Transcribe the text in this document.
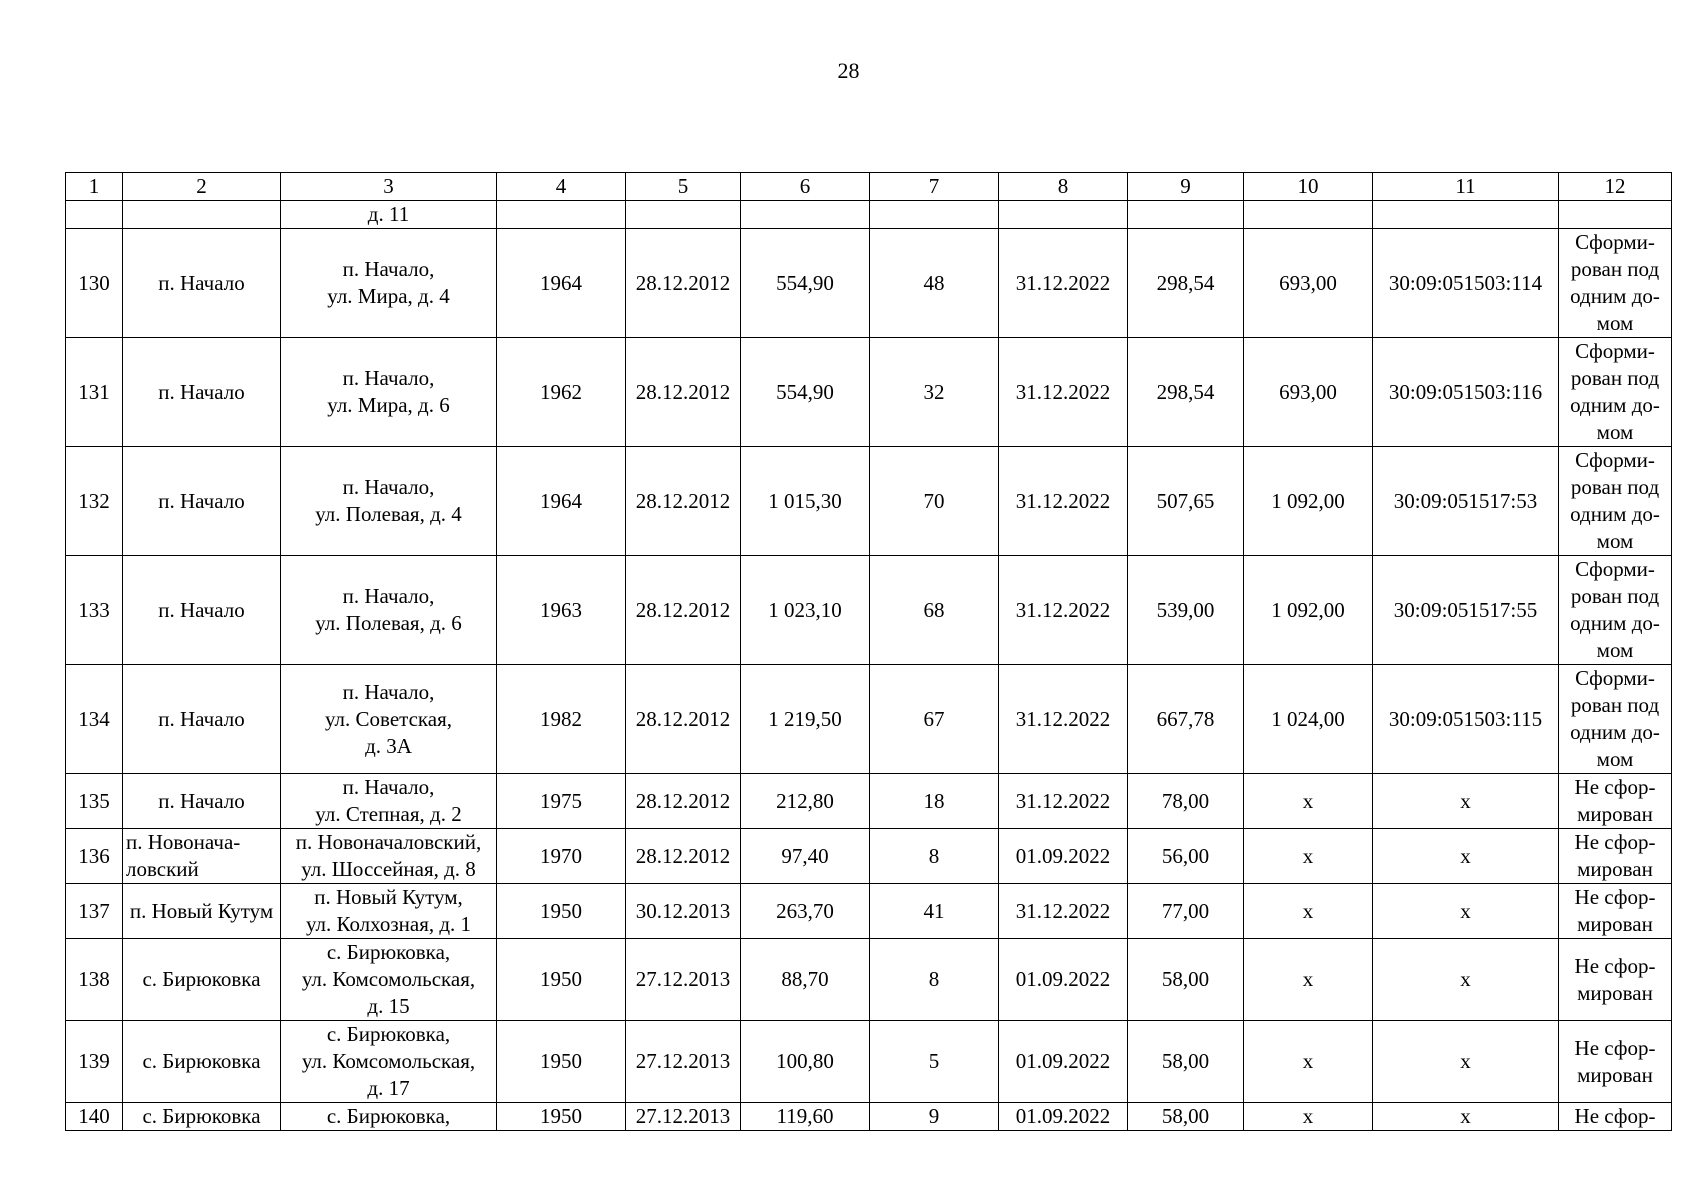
28
1	2	3	4	5	6	7	8	9	10	11	12
		д. 11									
130	п. Начало	п. Начало,
ул. Мира, д. 4	1964	28.12.2012	554,90	48	31.12.2022	298,54	693,00	30:09:051503:114	Сформи-
рован под
одним до-
мом
131	п. Начало	п. Начало,
ул. Мира, д. 6	1962	28.12.2012	554,90	32	31.12.2022	298,54	693,00	30:09:051503:116	Сформи-
рован под
одним до-
мом
132	п. Начало	п. Начало,
ул. Полевая, д. 4	1964	28.12.2012	1 015,30	70	31.12.2022	507,65	1 092,00	30:09:051517:53	Сформи-
рован под
одним до-
мом
133	п. Начало	п. Начало,
ул. Полевая, д. 6	1963	28.12.2012	1 023,10	68	31.12.2022	539,00	1 092,00	30:09:051517:55	Сформи-
рован под
одним до-
мом
134	п. Начало	п. Начало,
ул. Советская,
д. 3А	1982	28.12.2012	1 219,50	67	31.12.2022	667,78	1 024,00	30:09:051503:115	Сформи-
рован под
одним до-
мом
135	п. Начало	п. Начало,
ул. Степная, д. 2	1975	28.12.2012	212,80	18	31.12.2022	78,00	х	х	Не сфор-
мирован
136	п. Новонача-
ловский	п. Новоначаловский,
ул. Шоссейная, д. 8	1970	28.12.2012	97,40	8	01.09.2022	56,00	х	х	Не сфор-
мирован
137	п. Новый Кутум	п. Новый Кутум,
ул. Колхозная, д. 1	1950	30.12.2013	263,70	41	31.12.2022	77,00	х	х	Не сфор-
мирован
138	с. Бирюковка	с. Бирюковка,
ул. Комсомольская,
д. 15	1950	27.12.2013	88,70	8	01.09.2022	58,00	х	х	Не сфор-
мирован
139	с. Бирюковка	с. Бирюковка,
ул. Комсомольская,
д. 17	1950	27.12.2013	100,80	5	01.09.2022	58,00	х	х	Не сфор-
мирован
140	с. Бирюковка	с. Бирюковка,	1950	27.12.2013	119,60	9	01.09.2022	58,00	х	х	Не сфор-
